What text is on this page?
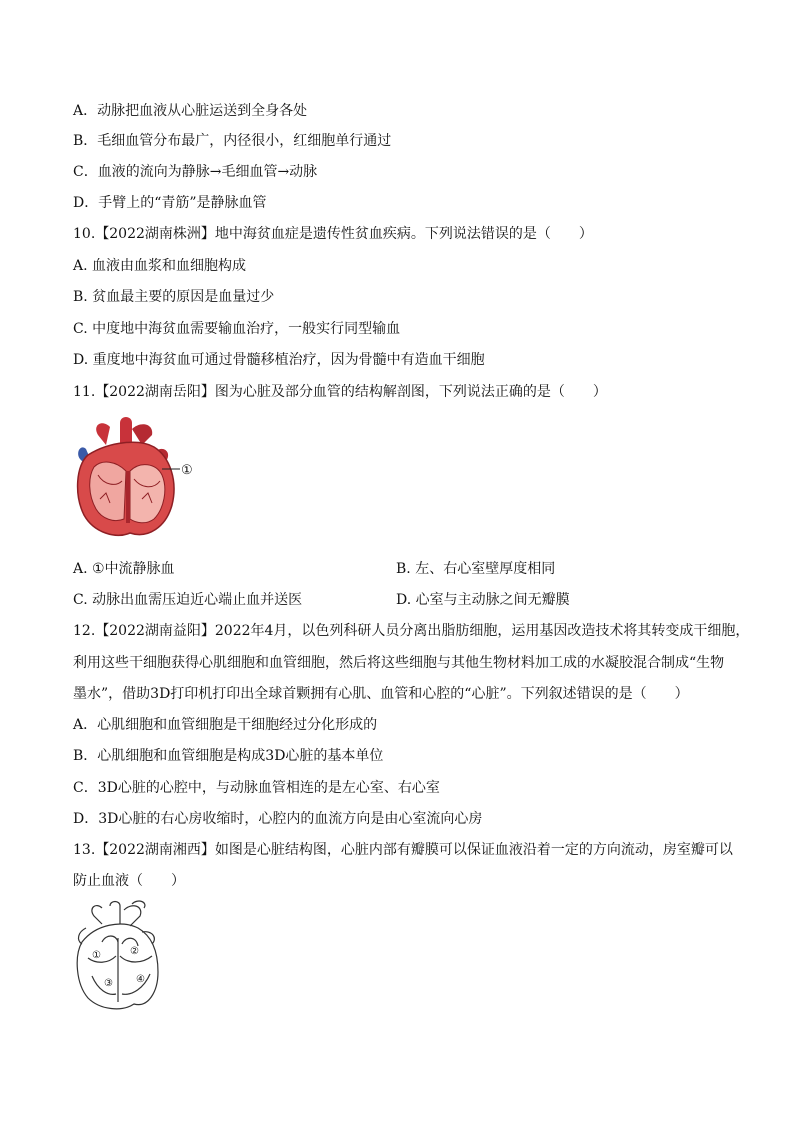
A．动脉把血液从心脏运送到全身各处
B．毛细血管分布最广，内径很小，红细胞单行通过
C．血液的流向为静脉→毛细血管→动脉
D．手臂上的“青筋”是静脉血管
10.【2022湖南株洲】地中海贫血症是遗传性贫血疾病。下列说法错误的是（　　）
A. 血液由血浆和血细胞构成
B. 贫血最主要的原因是血量过少
C. 中度地中海贫血需要输血治疗，一般实行同型输血
D. 重度地中海贫血可通过骨髓移植治疗，因为骨髓中有造血干细胞
11.【2022湖南岳阳】图为心脏及部分血管的结构解剖图，下列说法正确的是（　　）
①
A. ①中流静脉血	B. 左、右心室壁厚度相同
C. 动脉出血需压迫近心端止血并送医	D. 心室与主动脉之间无瓣膜
12.【2022湖南益阳】2022年4月，以色列科研人员分离出脂肪细胞，运用基因改造技术将其转变成干细胞，
利用这些干细胞获得心肌细胞和血管细胞，然后将这些细胞与其他生物材料加工成的水凝胶混合制成“生物
墨水”，借助3D打印机打印出全球首颗拥有心肌、血管和心腔的“心脏”。下列叙述错误的是（　　）
A．心肌细胞和血管细胞是干细胞经过分化形成的
B．心肌细胞和血管细胞是构成3D心脏的基本单位
C．3D心脏的心腔中，与动脉血管相连的是左心室、右心室
D．3D心脏的右心房收缩时，心腔内的血流方向是由心室流向心房
13.【2022湖南湘西】如图是心脏结构图，心脏内部有瓣膜可以保证血液沿着一定的方向流动，房室瓣可以
防止血液（　　）
①	②
③ ④
